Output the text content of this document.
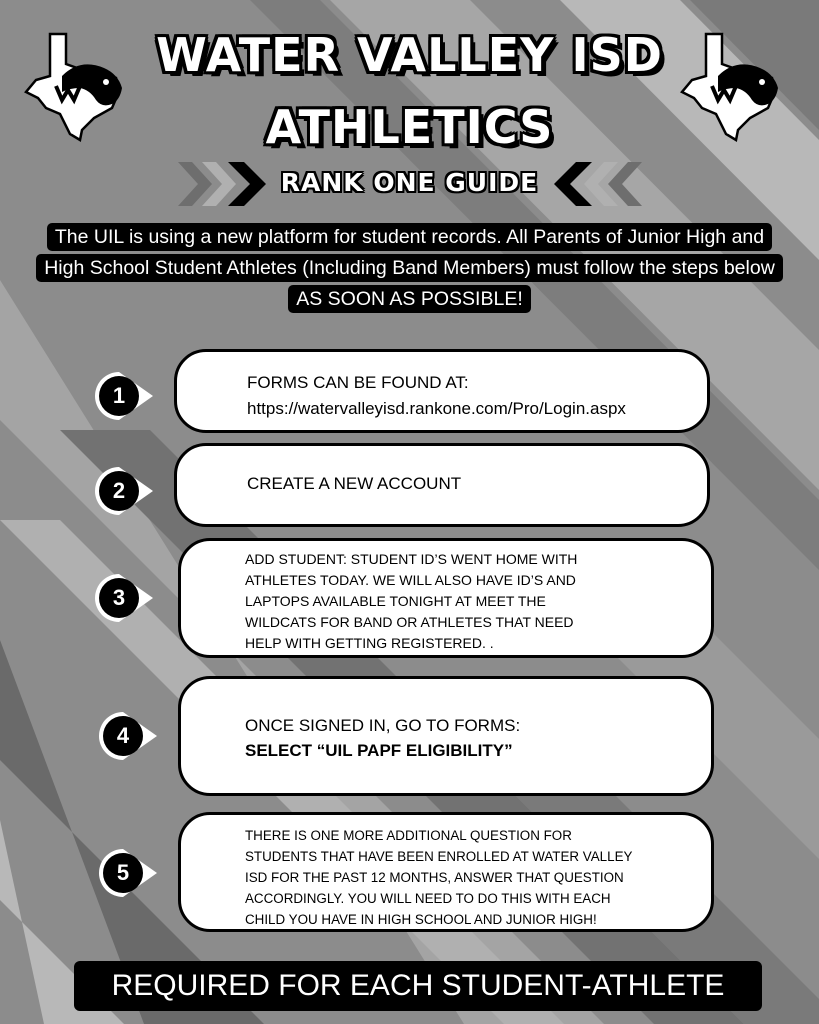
WATER VALLEY ISD
ATHLETICS
RANK ONE GUIDE
The UIL is using a new platform for student records. All Parents of Junior High and
High School Student Athletes (Including Band Members) must follow the steps below
AS SOON AS POSSIBLE!
1
FORMS CAN BE FOUND AT:
https://watervalleyisd.rankone.com/Pro/Login.aspx
2	CREATE A NEW ACCOUNT
3
ADD STUDENT: STUDENT ID’S WENT HOME WITH
ATHLETES TODAY. WE WILL ALSO HAVE ID’S AND
LAPTOPS AVAILABLE TONIGHT AT MEET THE
WILDCATS FOR BAND OR ATHLETES THAT NEED
HELP WITH GETTING REGISTERED. .
4	ONCE SIGNED IN, GO TO FORMS:
SELECT “UIL PAPF ELIGIBILITY”
5
THERE IS ONE MORE ADDITIONAL QUESTION FOR
STUDENTS THAT HAVE BEEN ENROLLED AT WATER VALLEY
ISD FOR THE PAST 12 MONTHS, ANSWER THAT QUESTION
ACCORDINGLY. YOU WILL NEED TO DO THIS WITH EACH
CHILD YOU HAVE IN HIGH SCHOOL AND JUNIOR HIGH!
REQUIRED FOR EACH STUDENT-ATHLETE
